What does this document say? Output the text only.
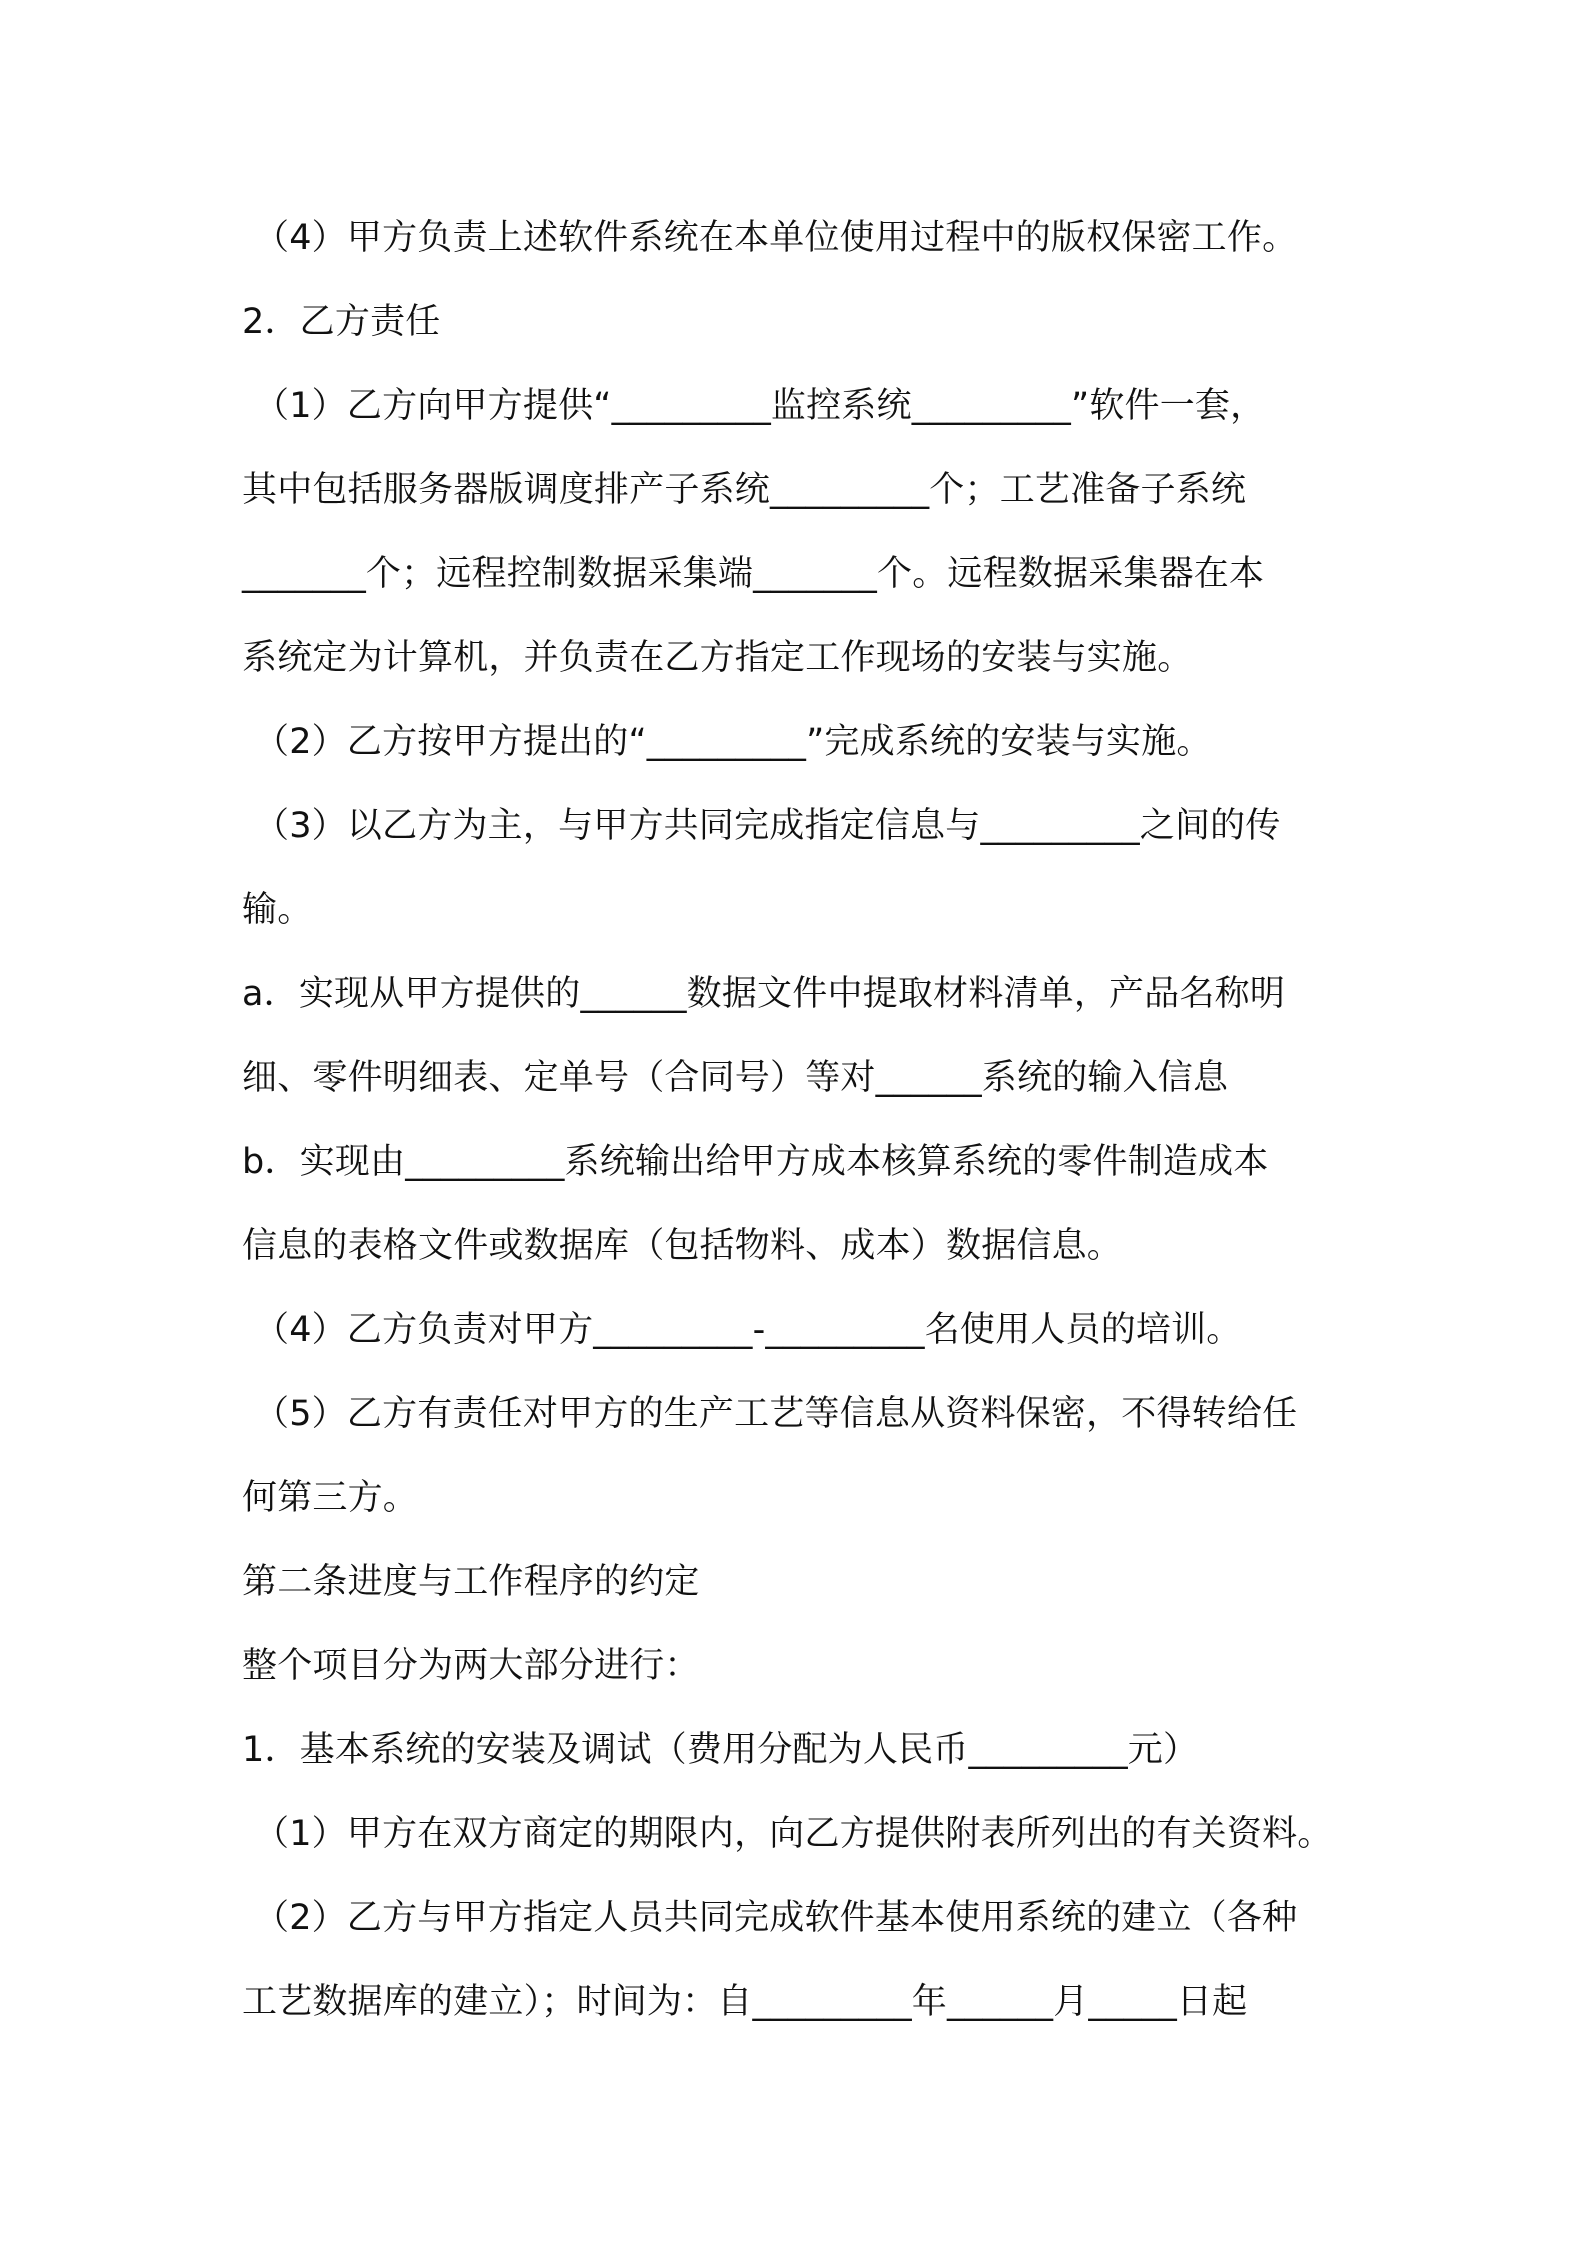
（4）甲方负责上述软件系统在本单位使用过程中的版权保密工作。

2．乙方责任

（1）乙方向甲方提供“_________监控系统_________”软件一套，

其中包括服务器版调度排产子系统_________个；工艺准备子系统

_______个；远程控制数据采集端_______个。远程数据采集器在本

系统定为计算机，并负责在乙方指定工作现场的安装与实施。

（2）乙方按甲方提出的“_________”完成系统的安装与实施。

（3）以乙方为主，与甲方共同完成指定信息与_________之间的传

输。

a．实现从甲方提供的______数据文件中提取材料清单，产品名称明

细、零件明细表、定单号（合同号）等对______系统的输入信息

b．实现由_________系统输出给甲方成本核算系统的零件制造成本

信息的表格文件或数据库（包括物料、成本）数据信息。

（4）乙方负责对甲方_________-_________名使用人员的培训。

（5）乙方有责任对甲方的生产工艺等信息从资料保密，不得转给任

何第三方。

第二条进度与工作程序的约定

整个项目分为两大部分进行：

1．基本系统的安装及调试（费用分配为人民币_________元）

（1）甲方在双方商定的期限内，向乙方提供附表所列出的有关资料。

（2）乙方与甲方指定人员共同完成软件基本使用系统的建立（各种

工艺数据库的建立）；时间为：自_________年______月_____日起
